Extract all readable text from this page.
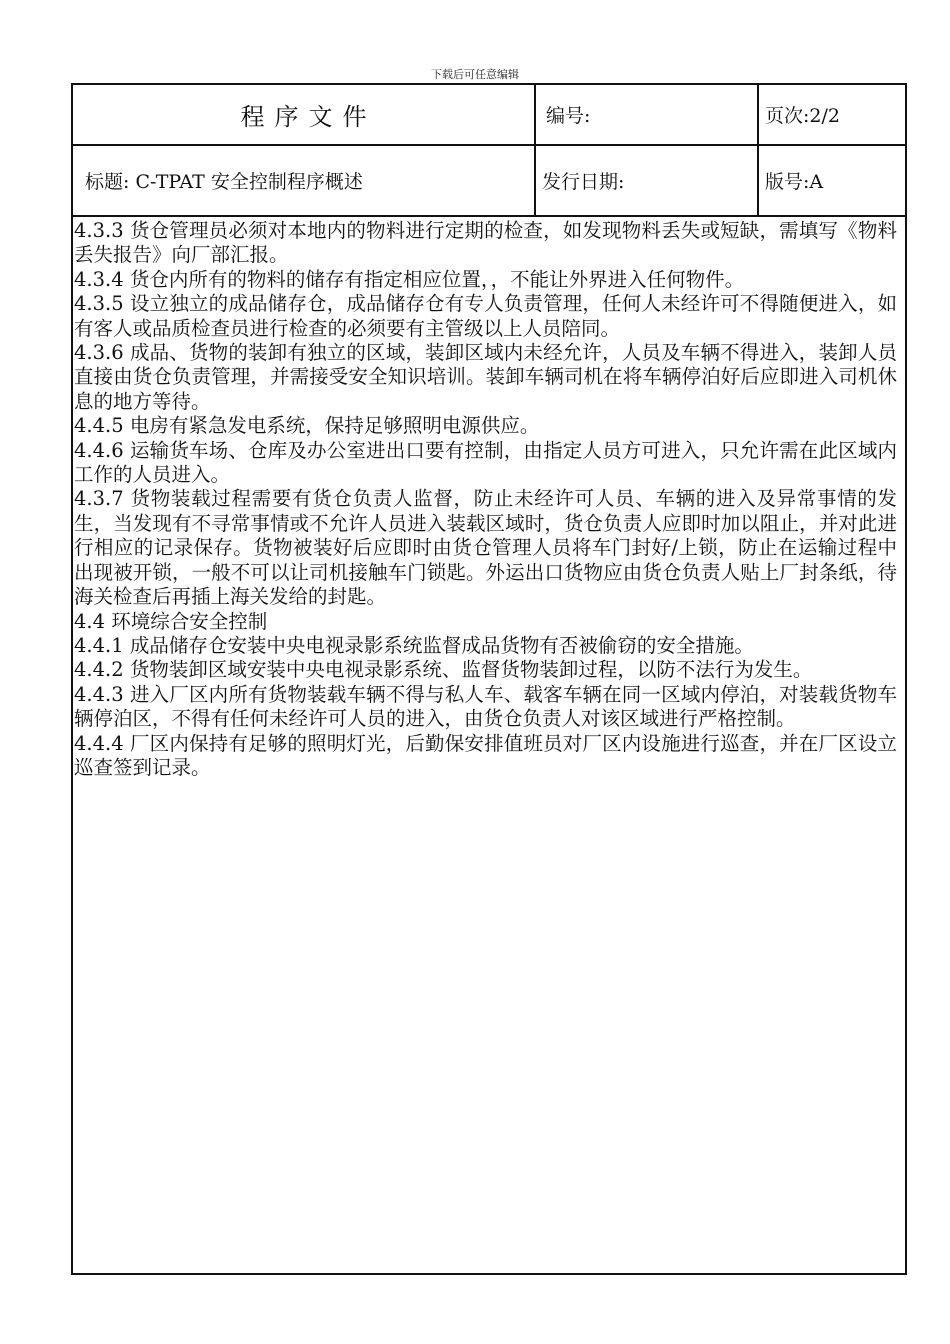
下载后可任意编辑
程序文件	编号:	页次:2/2
标题: C-TPAT 安全控制程序概述	发行日期:	版号:A

4.3.3 货仓管理员必须对本地内的物料进行定期的检查，如发现物料丢失或短缺，需填写《物料丢失报告》向厂部汇报。

4.3.4 货仓内所有的物料的储存有指定相应位置，，不能让外界进入任何物件。

4.3.5 设立独立的成品储存仓，成品储存仓有专人负责管理，任何人未经许可不得随便进入，如有客人或品质检查员进行检查的必须要有主管级以上人员陪同。

4.3.6 成品、货物的装卸有独立的区域，装卸区域内未经允许，人员及车辆不得进入，装卸人员直接由货仓负责管理，并需接受安全知识培训。装卸车辆司机在将车辆停泊好后应即进入司机休息的地方等待。

4.4.5 电房有紧急发电系统，保持足够照明电源供应。

4.4.6 运输货车场、仓库及办公室进出口要有控制，由指定人员方可进入，只允许需在此区域内工作的人员进入。

4.3.7 货物装载过程需要有货仓负责人监督，防止未经许可人员、车辆的进入及异常事情的发生，当发现有不寻常事情或不允许人员进入装载区域时，货仓负责人应即时加以阻止，并对此进行相应的记录保存。货物被装好后应即时由货仓管理人员将车门封好/上锁，防止在运输过程中出现被开锁，一般不可以让司机接触车门锁匙。外运出口货物应由货仓负责人贴上厂封条纸，待海关检查后再插上海关发给的封匙。

4.4 环境综合安全控制

4.4.1 成品储存仓安装中央电视录影系统监督成品货物有否被偷窃的安全措施。

4.4.2 货物装卸区域安装中央电视录影系统、监督货物装卸过程，以防不法行为发生。

4.4.3 进入厂区内所有货物装载车辆不得与私人车、载客车辆在同一区域内停泊，对装载货物车辆停泊区，不得有任何未经许可人员的进入，由货仓负责人对该区域进行严格控制。

4.4.4 厂区内保持有足够的照明灯光，后勤保安排值班员对厂区内设施进行巡查，并在厂区设立巡查签到记录。
